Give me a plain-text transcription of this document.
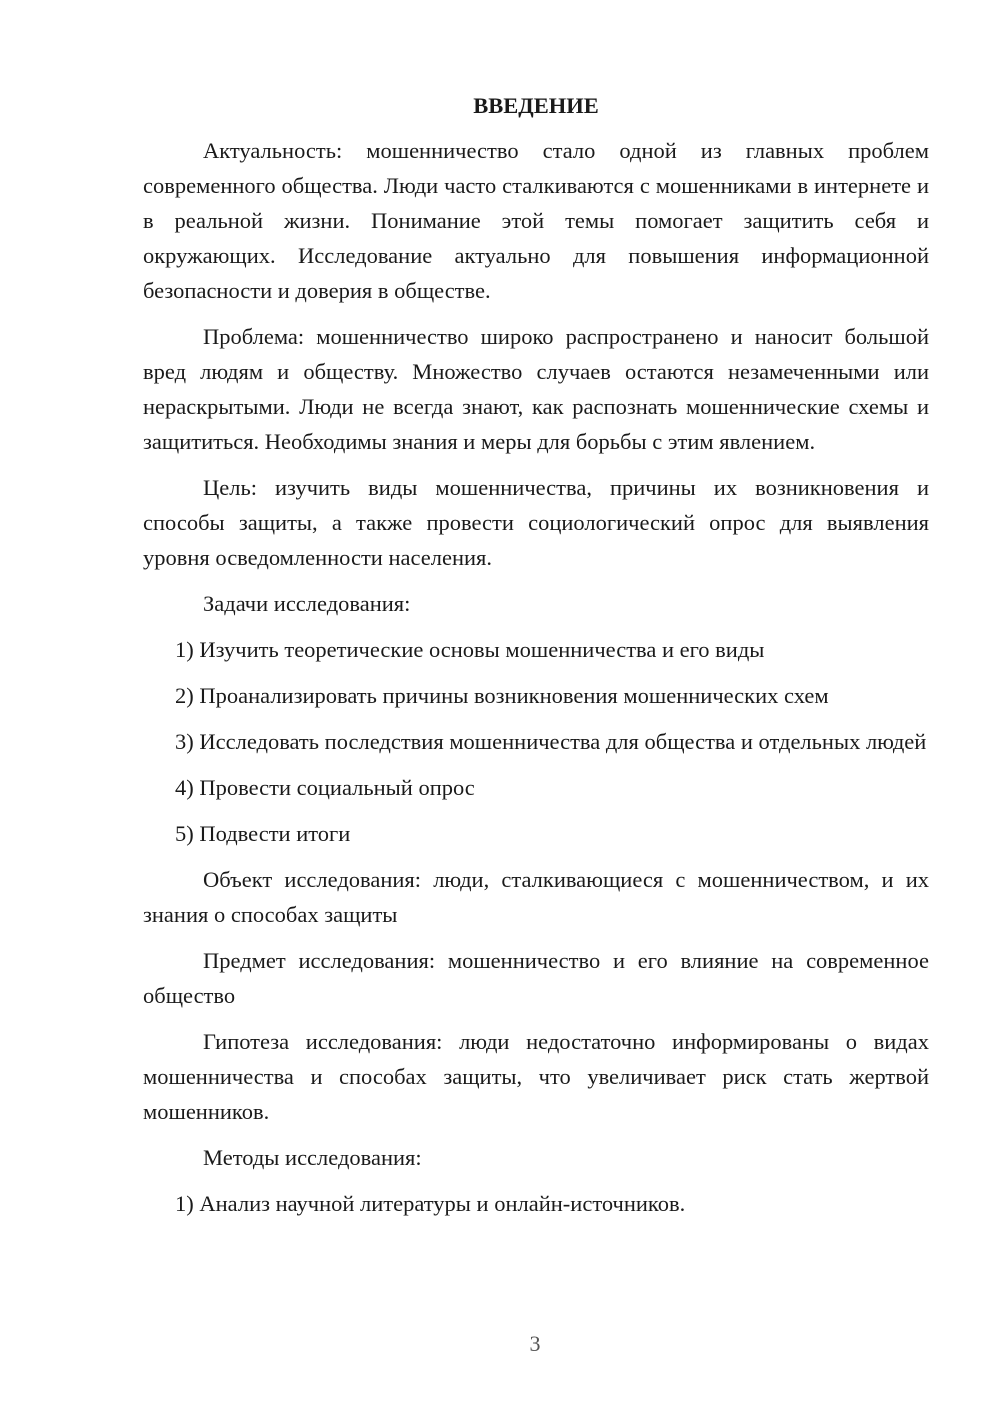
ВВЕДЕНИЕ

Актуальность: мошенничество стало одной из главных проблем современного общества. Люди часто сталкиваются с мошенниками в интернете и в реальной жизни. Понимание этой темы помогает защитить себя и окружающих. Исследование актуально для повышения информационной безопасности и доверия в обществе.

Проблема: мошенничество широко распространено и наносит большой вред людям и обществу. Множество случаев остаются незамеченными или нераскрытыми. Люди не всегда знают, как распознать мошеннические схемы и защититься. Необходимы знания и меры для борьбы с этим явлением.

Цель: изучить виды мошенничества, причины их возникновения и способы защиты, а также провести социологический опрос для выявления уровня осведомленности населения.

Задачи исследования:

1) Изучить теоретические основы мошенничества и его виды

2) Проанализировать причины возникновения мошеннических схем

3) Исследовать последствия мошенничества для общества и отдельных людей

4) Провести социальный опрос

5) Подвести итоги

Объект исследования: люди, сталкивающиеся с мошенничеством, и их знания о способах защиты

Предмет исследования: мошенничество и его влияние на современное общество

Гипотеза исследования: люди недостаточно информированы о видах мошенничества и способах защиты, что увеличивает риск стать жертвой мошенников.

Методы исследования:

1) Анализ научной литературы и онлайн-источников.

3
